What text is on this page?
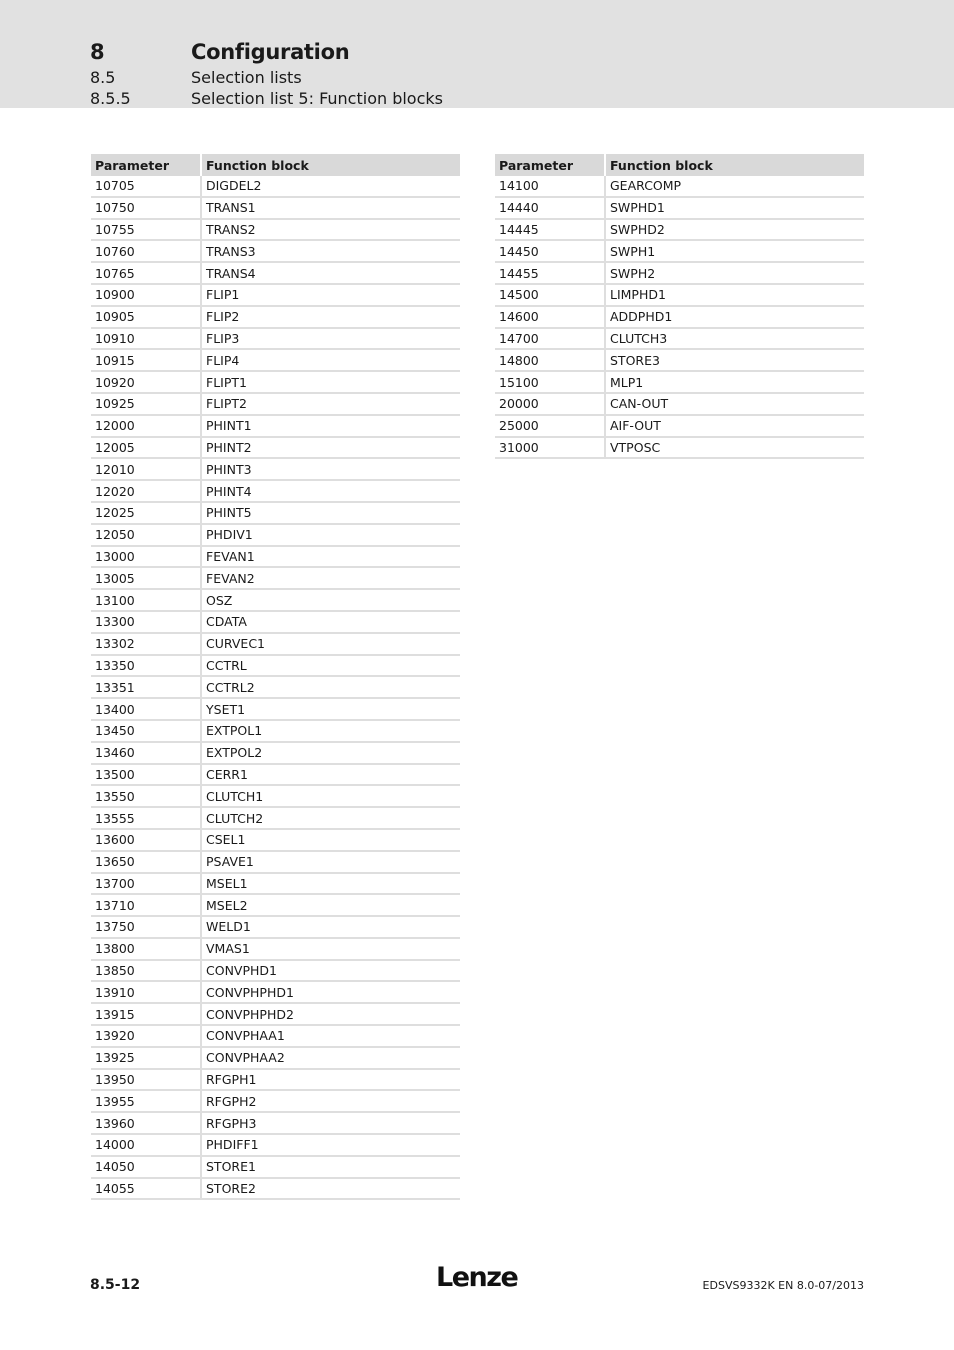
8	Configuration
8.5	Selection lists
8.5.5	Selection list 5: Function blocks
Parameter	Function block
10705	DIGDEL2
10750	TRANS1
10755	TRANS2
10760	TRANS3
10765	TRANS4
10900	FLIP1
10905	FLIP2
10910	FLIP3
10915	FLIP4
10920	FLIPT1
10925	FLIPT2
12000	PHINT1
12005	PHINT2
12010	PHINT3
12020	PHINT4
12025	PHINT5
12050	PHDIV1
13000	FEVAN1
13005	FEVAN2
13100	OSZ
13300	CDATA
13302	CURVEC1
13350	CCTRL
13351	CCTRL2
13400	YSET1
13450	EXTPOL1
13460	EXTPOL2
13500	CERR1
13550	CLUTCH1
13555	CLUTCH2
13600	CSEL1
13650	PSAVE1
13700	MSEL1
13710	MSEL2
13750	WELD1
13800	VMAS1
13850	CONVPHD1
13910	CONVPHPHD1
13915	CONVPHPHD2
13920	CONVPHAA1
13925	CONVPHAA2
13950	RFGPH1
13955	RFGPH2
13960	RFGPH3
14000	PHDIFF1
14050	STORE1
14055	STORE2
Parameter	Function block
14100	GEARCOMP
14440	SWPHD1
14445	SWPHD2
14450	SWPH1
14455	SWPH2
14500	LIMPHD1
14600	ADDPHD1
14700	CLUTCH3
14800	STORE3
15100	MLP1
20000	CAN-OUT
25000	AIF-OUT
31000	VTPOSC
8.5-12	Lenze	EDSVS9332K EN 8.0-07/2013
